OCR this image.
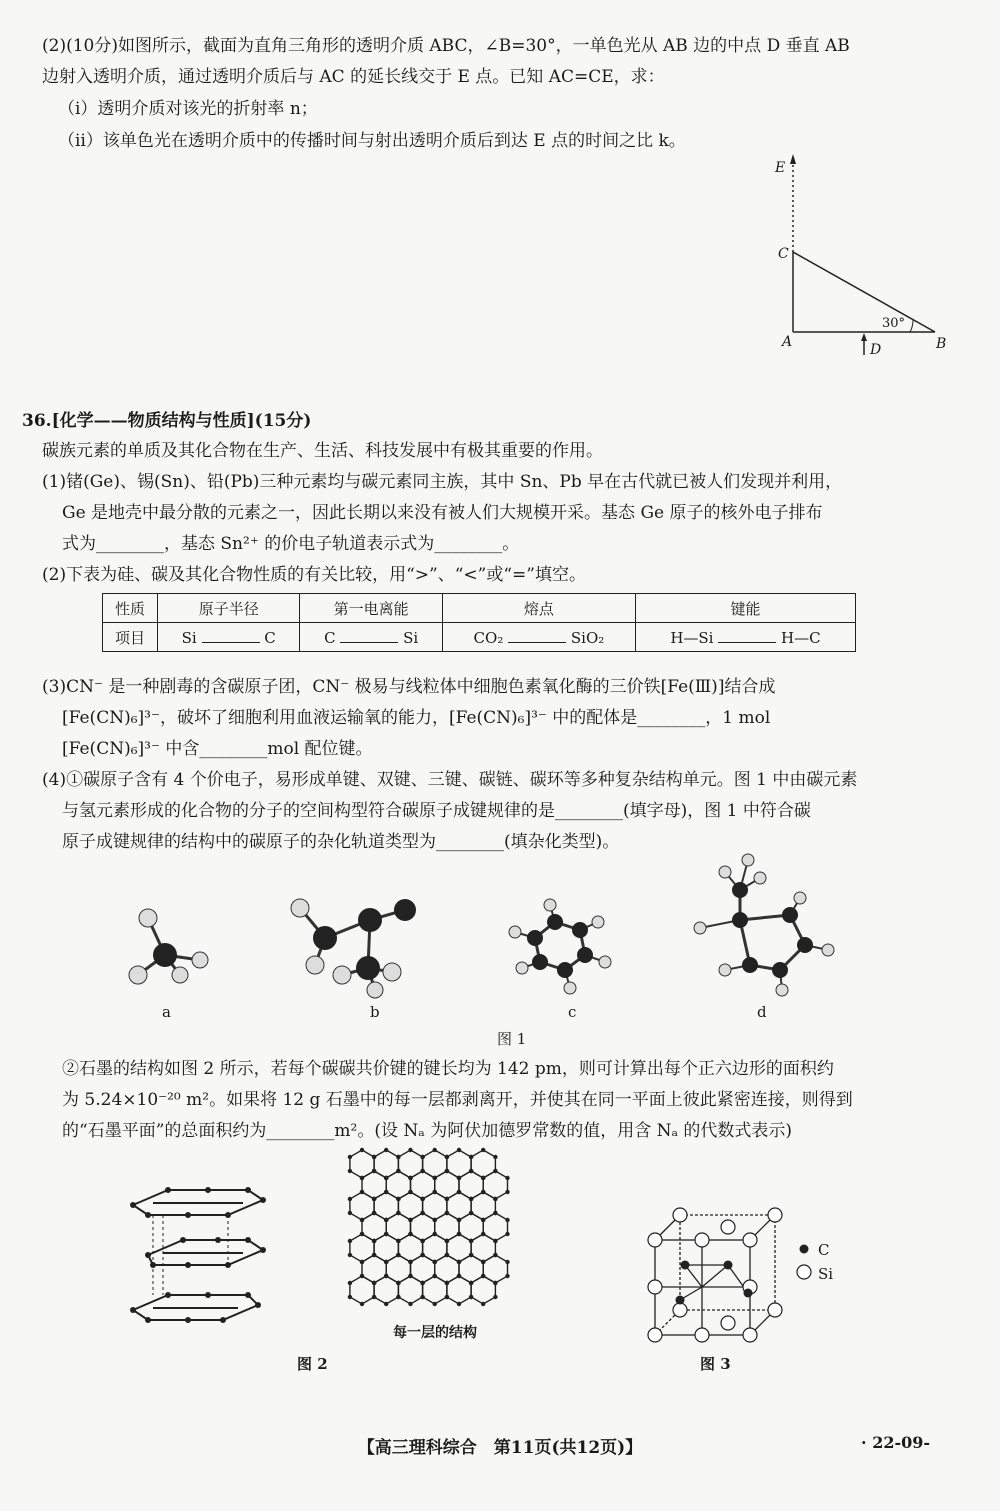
(2)(10分)如图所示，截面为直角三角形的透明介质 ABC，∠B=30°，一单色光从 AB 边的中点 D 垂直 AB
边射入透明介质，通过透明介质后与 AC 的延长线交于 E 点。已知 AC=CE，求：
（ⅰ）透明介质对该光的折射率 n；
（ⅱ）该单色光在透明介质中的传播时间与射出透明介质后到达 E 点的时间之比 k。
E
C
A	D	B
30°
36.[化学——物质结构与性质](15分)
碳族元素的单质及其化合物在生产、生活、科技发展中有极其重要的作用。
(1)锗(Ge)、锡(Sn)、铅(Pb)三种元素均与碳元素同主族，其中 Sn、Pb 早在古代就已被人们发现并利用，
Ge 是地壳中最分散的元素之一，因此长期以来没有被人们大规模开采。基态 Ge 原子的核外电子排布
式为________，基态 Sn²⁺ 的价电子轨道表示式为________。
(2)下表为硅、碳及其化合物性质的有关比较，用“>”、“<”或“=”填空。
性质	原子半径	第一电离能	熔点	键能
项目	Si C	C Si	CO₂ SiO₂	H—Si H—C
(3)CN⁻ 是一种剧毒的含碳原子团，CN⁻ 极易与线粒体中细胞色素氧化酶的三价铁[Fe(Ⅲ)]结合成
[Fe(CN)₆]³⁻，破坏了细胞利用血液运输氧的能力，[Fe(CN)₆]³⁻ 中的配体是________，1 mol
[Fe(CN)₆]³⁻ 中含________mol 配位键。
(4)①碳原子含有 4 个价电子，易形成单键、双键、三键、碳链、碳环等多种复杂结构单元。图 1 中由碳元素
与氢元素形成的化合物的分子的空间构型符合碳原子成键规律的是________(填字母)，图 1 中符合碳
原子成键规律的结构中的碳原子的杂化轨道类型为________(填杂化类型)。
a	b	c	d
图 1
②石墨的结构如图 2 所示，若每个碳碳共价键的键长均为 142 pm，则可计算出每个正六边形的面积约
为 5.24×10⁻²⁰ m²。如果将 12 g 石墨中的每一层都剥离开，并使其在同一平面上彼此紧密连接，则得到
的“石墨平面”的总面积约为________m²。(设 Nₐ 为阿伏加德罗常数的值，用含 Nₐ 的代数式表示)
每一层的结构
图 2
C
Si
图 3
【高三理科综合　第11页(共12页)】	· 22-09-
